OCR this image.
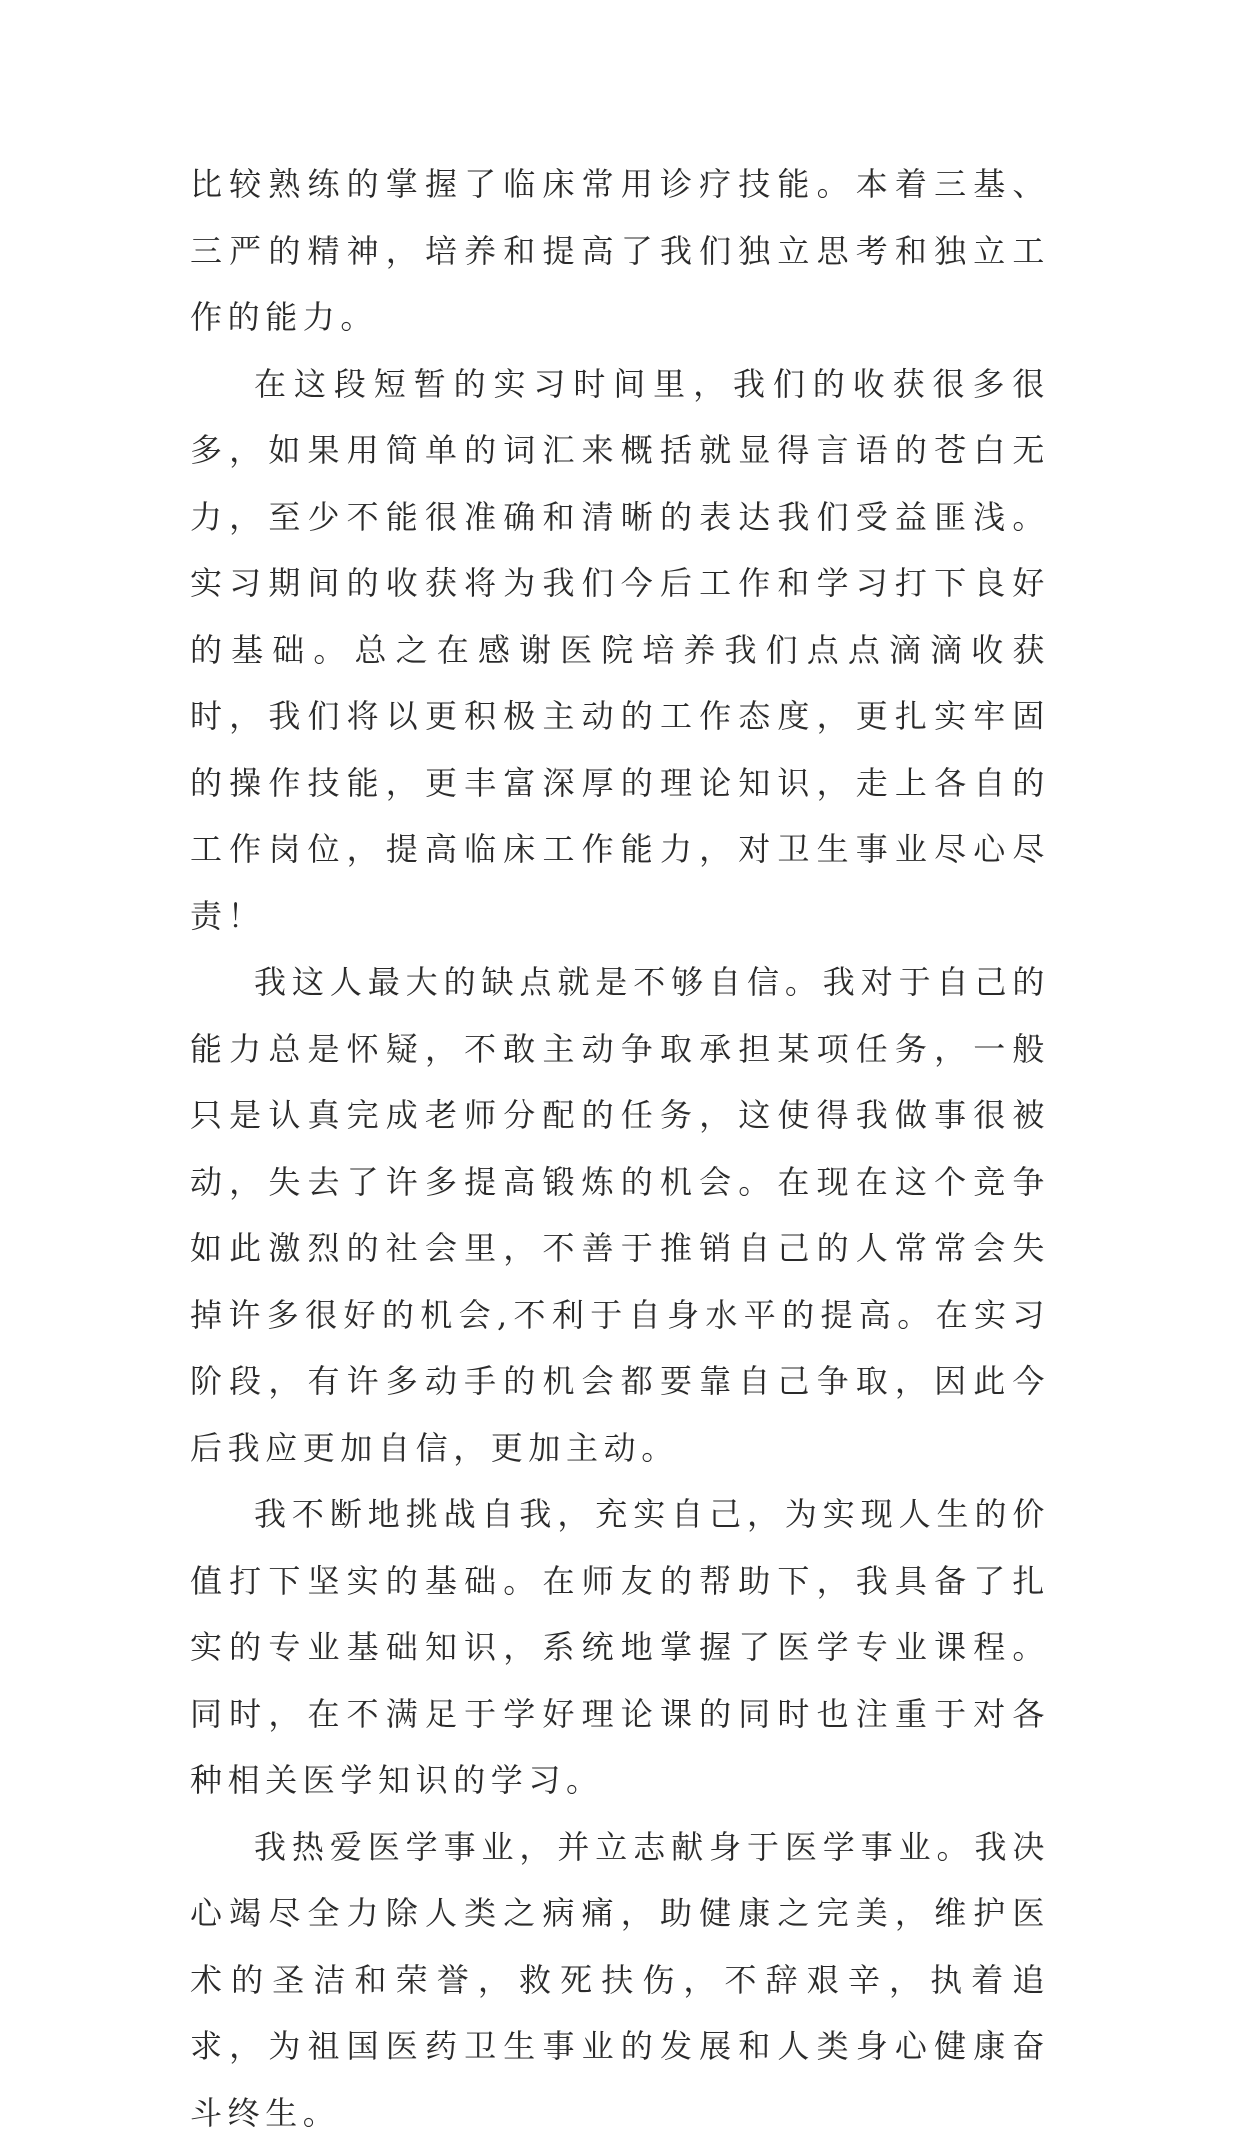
比较熟练的掌握了临床常用诊疗技能。本着三基、三严的精神，培养和提高了我们独立思考和独立工作的能力。

在这段短暂的实习时间里，我们的收获很多很多，如果用简单的词汇来概括就显得言语的苍白无力，至少不能很准确和清晰的表达我们受益匪浅。实习期间的收获将为我们今后工作和学习打下良好的基础。总之在感谢医院培养我们点点滴滴收获时，我们将以更积极主动的工作态度，更扎实牢固的操作技能，更丰富深厚的理论知识，走上各自的工作岗位，提高临床工作能力，对卫生事业尽心尽责！

我这人最大的缺点就是不够自信。我对于自己的能力总是怀疑，不敢主动争取承担某项任务，一般只是认真完成老师分配的任务，这使得我做事很被动，失去了许多提高锻炼的机会。在现在这个竞争如此激烈的社会里，不善于推销自己的人常常会失掉许多很好的机会,不利于自身水平的提高。在实习阶段，有许多动手的机会都要靠自己争取，因此今后我应更加自信，更加主动。

我不断地挑战自我，充实自己，为实现人生的价值打下坚实的基础。在师友的帮助下，我具备了扎实的专业基础知识，系统地掌握了医学专业课程。同时，在不满足于学好理论课的同时也注重于对各种相关医学知识的学习。

我热爱医学事业，并立志献身于医学事业。我决心竭尽全力除人类之病痛，助健康之完美，维护医术的圣洁和荣誉，救死扶伤，不辞艰辛，执着追求，为祖国医药卫生事业的发展和人类身心健康奋斗终生。
